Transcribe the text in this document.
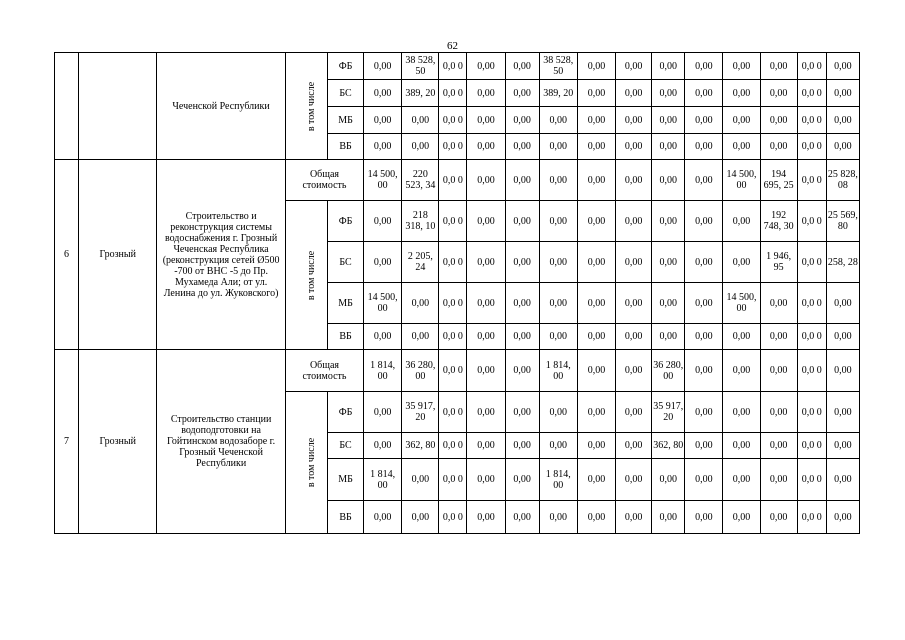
62
		Чеченской Республики	в том числе	ФБ	0,00	38 528, 50	0,0 0	0,00	0,00	38 528, 50	0,00	0,00	0,00	0,00	0,00	0,00	0,0 0	0,00
				БС	0,00	389, 20	0,0 0	0,00	0,00	389, 20	0,00	0,00	0,00	0,00	0,00	0,00	0,0 0	0,00
				МБ	0,00	0,00	0,0 0	0,00	0,00	0,00	0,00	0,00	0,00	0,00	0,00	0,00	0,0 0	0,00
				ВБ	0,00	0,00	0,0 0	0,00	0,00	0,00	0,00	0,00	0,00	0,00	0,00	0,00	0,0 0	0,00
6	Грозный	Строительство и реконструкция системы водоснабжения г. Грозный Чеченская Республика (реконструкция сетей Ø500 -700 от ВНС -5 до Пр. Мухамеда Али; от ул. Ленина до ул. Жуковского)	Общая стоимость		14 500, 00	220 523, 34	0,0 0	0,00	0,00	0,00	0,00	0,00	0,00	0,00	14 500, 00	194 695, 25	0,0 0	25 828, 08
			в том числе	ФБ	0,00	218 318, 10	0,0 0	0,00	0,00	0,00	0,00	0,00	0,00	0,00	0,00	192 748, 30	0,0 0	25 569, 80
				БС	0,00	2 205, 24	0,0 0	0,00	0,00	0,00	0,00	0,00	0,00	0,00	0,00	1 946, 95	0,0 0	258, 28
				МБ	14 500, 00	0,00	0,0 0	0,00	0,00	0,00	0,00	0,00	0,00	0,00	14 500, 00	0,00	0,0 0	0,00
				ВБ	0,00	0,00	0,0 0	0,00	0,00	0,00	0,00	0,00	0,00	0,00	0,00	0,00	0,0 0	0,00
7	Грозный	Строительство станции водоподготовки на Гойтинском водозаборе г. Грозный Чеченской Республики	Общая стоимость		1 814, 00	36 280, 00	0,0 0	0,00	0,00	1 814, 00	0,00	0,00	36 280, 00	0,00	0,00	0,00	0,0 0	0,00
			в том числе	ФБ	0,00	35 917, 20	0,0 0	0,00	0,00	0,00	0,00	0,00	35 917, 20	0,00	0,00	0,00	0,0 0	0,00
				БС	0,00	362, 80	0,0 0	0,00	0,00	0,00	0,00	0,00	362, 80	0,00	0,00	0,00	0,0 0	0,00
				МБ	1 814, 00	0,00	0,0 0	0,00	0,00	1 814, 00	0,00	0,00	0,00	0,00	0,00	0,00	0,0 0	0,00
				ВБ	0,00	0,00	0,0 0	0,00	0,00	0,00	0,00	0,00	0,00	0,00	0,00	0,00	0,0 0	0,00
